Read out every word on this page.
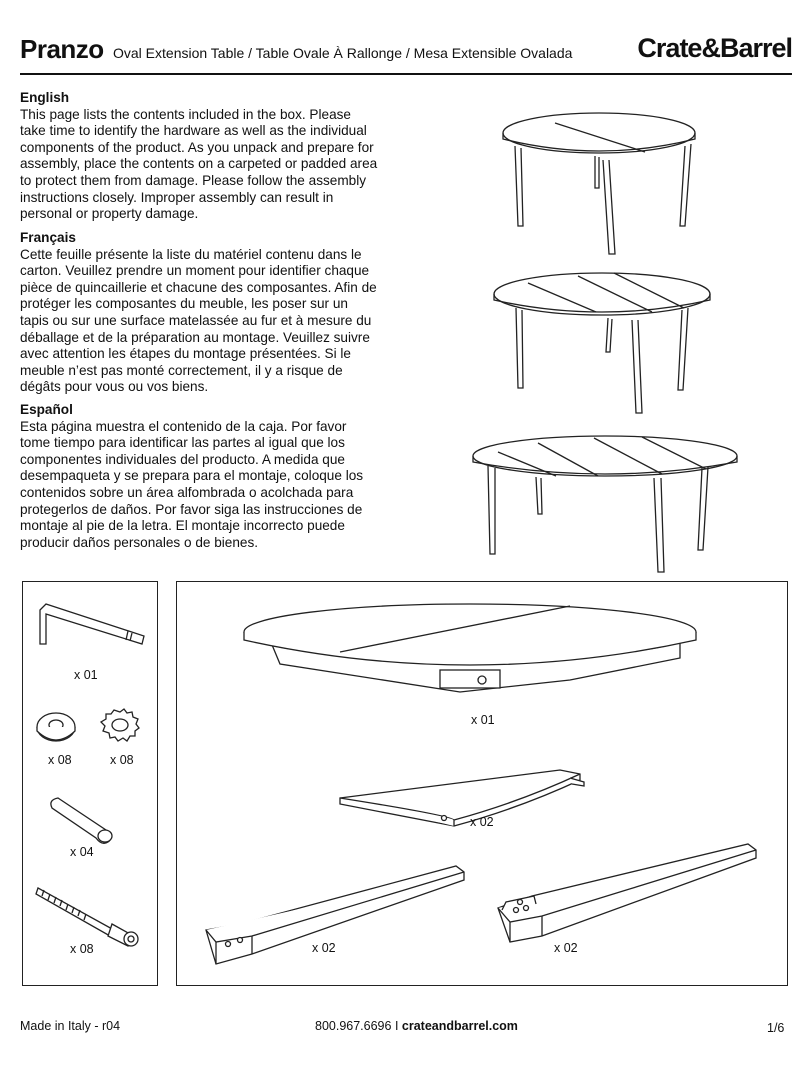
Pranzo Oval Extension Table / Table Ovale À Rallonge / Mesa Extensible Ovalada Crate&Barrel
English

This page lists the contents included in the box. Please take time to identify the hardware as well as the individual components of the product. As you unpack and prepare for assembly, place the contents on a carpeted or padded area to protect them from damage. Please follow the assembly instructions closely. Improper assembly can result in personal or property damage.

Français

Cette feuille présente la liste du matériel contenu dans le carton. Veuillez prendre un moment pour identifier chaque pièce de quincaillerie et chacune des composantes. Afin de protéger les composantes du meuble, les poser sur un tapis ou sur une surface matelassée au fur et à mesure du déballage et de la préparation au montage. Veuillez suivre avec attention les étapes du montage présentées. Si le meuble n’est pas monté correctement, il y a risque de dégâts pour vous ou vos biens.

Español

Esta página muestra el contenido de la caja. Por favor tome tiempo para identificar las partes al igual que los componentes individuales del producto. A medida que desempaqueta y se prepara para el montaje, coloque los contenidos sobre un área alfombrada o acolchada para protegerlos de daños. Por favor siga las instrucciones de montaje al pie de la letra. El montaje incorrecto puede producir daños personales o de bienes.

x 01
x 08	x 08
x 04
x 08
x 01
x 02
x 02	x 02
Made in Italy - r04	800.967.6696 I crateandbarrel.com	1/6
